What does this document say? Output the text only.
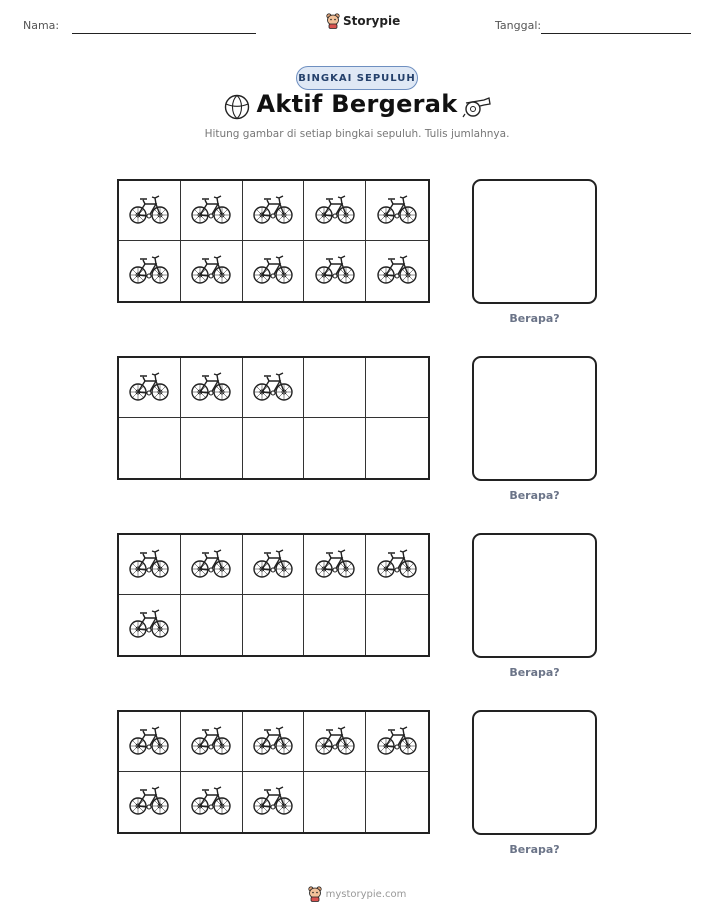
Nama:	Storypie	Tanggal:
BINGKAI SEPULUH
Aktif Bergerak
Hitung gambar di setiap bingkai sepuluh. Tulis jumlahnya.
Berapa?
Berapa?
Berapa?
Berapa?
mystorypie.com
